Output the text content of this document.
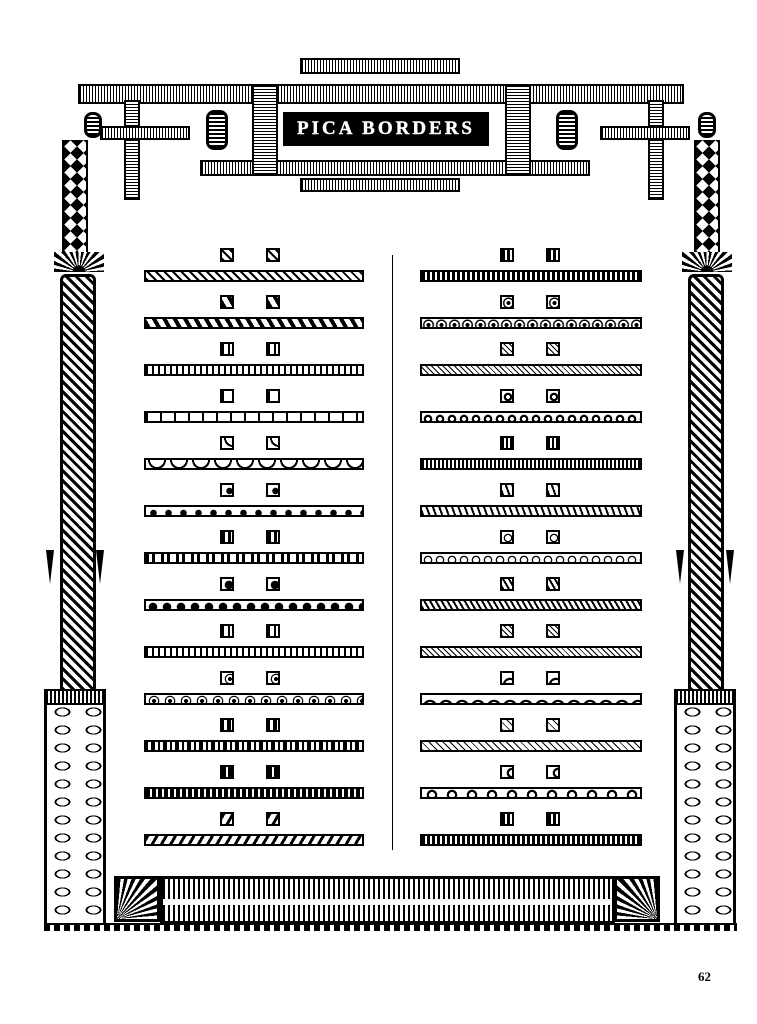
PICA BORDERS
62
